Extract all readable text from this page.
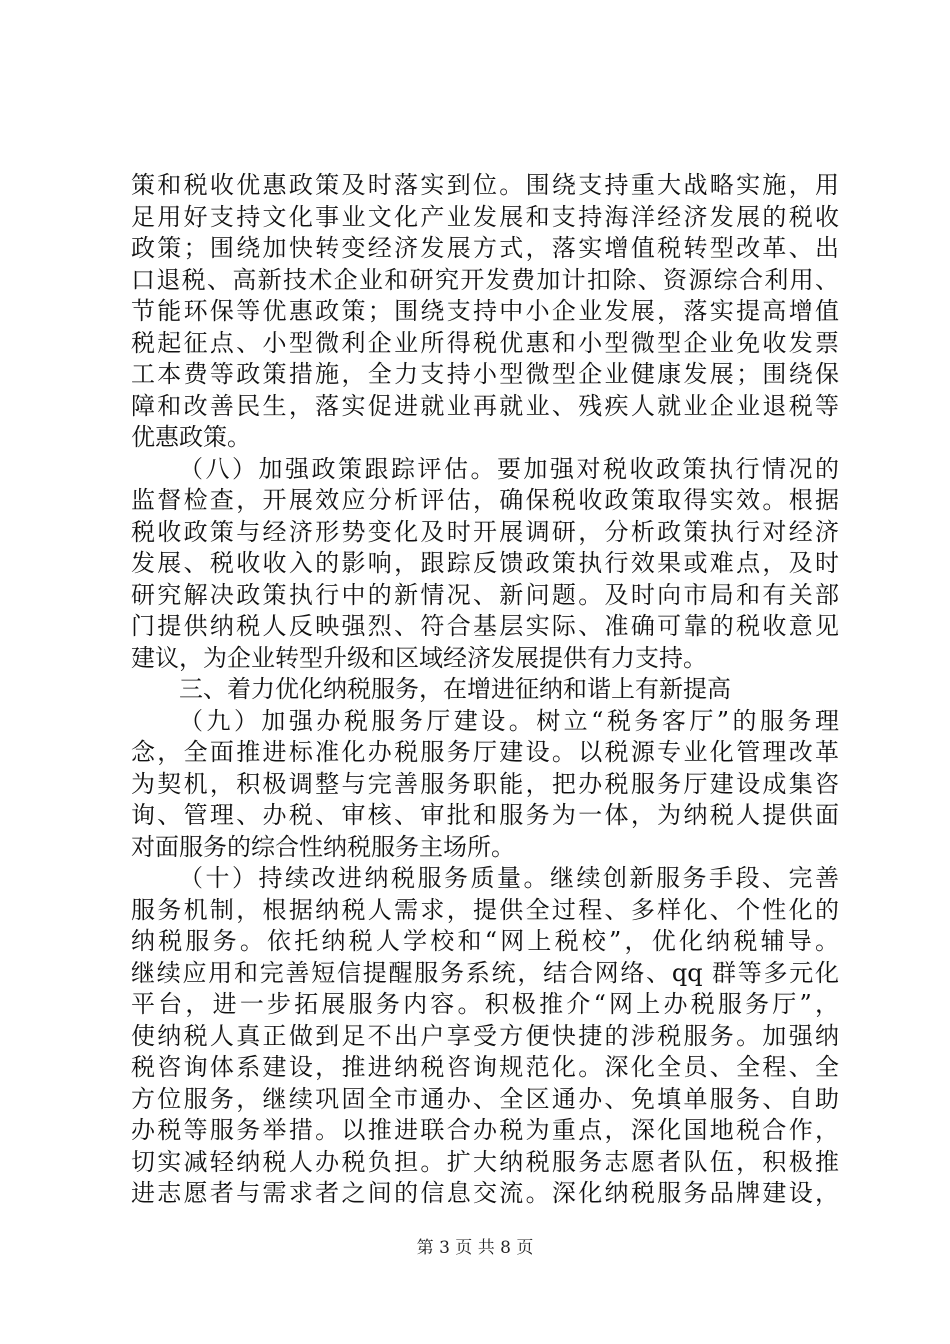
策和税收优惠政策及时落实到位。围绕支持重大战略实施，用
足用好支持文化事业文化产业发展和支持海洋经济发展的税收
政策；围绕加快转变经济发展方式，落实增值税转型改革、出
口退税、高新技术企业和研究开发费加计扣除、资源综合利用、
节能环保等优惠政策；围绕支持中小企业发展，落实提高增值
税起征点、小型微利企业所得税优惠和小型微型企业免收发票
工本费等政策措施，全力支持小型微型企业健康发展；围绕保
障和改善民生，落实促进就业再就业、残疾人就业企业退税等
优惠政策。
（八）加强政策跟踪评估。要加强对税收政策执行情况的
监督检查，开展效应分析评估，确保税收政策取得实效。根据
税收政策与经济形势变化及时开展调研，分析政策执行对经济
发展、税收收入的影响，跟踪反馈政策执行效果或难点，及时
研究解决政策执行中的新情况、新问题。及时向市局和有关部
门提供纳税人反映强烈、符合基层实际、准确可靠的税收意见
建议，为企业转型升级和区域经济发展提供有力支持。
三、着力优化纳税服务，在增进征纳和谐上有新提高
（九）加强办税服务厅建设。树立“税务客厅”的服务理
念，全面推进标准化办税服务厅建设。以税源专业化管理改革
为契机，积极调整与完善服务职能，把办税服务厅建设成集咨
询、管理、办税、审核、审批和服务为一体，为纳税人提供面
对面服务的综合性纳税服务主场所。
（十）持续改进纳税服务质量。继续创新服务手段、完善
服务机制，根据纳税人需求，提供全过程、多样化、个性化的
纳税服务。依托纳税人学校和“网上税校”，优化纳税辅导。
继续应用和完善短信提醒服务系统，结合网络、qq 群等多元化
平台，进一步拓展服务内容。积极推介“网上办税服务厅”，
使纳税人真正做到足不出户享受方便快捷的涉税服务。加强纳
税咨询体系建设，推进纳税咨询规范化。深化全员、全程、全
方位服务，继续巩固全市通办、全区通办、免填单服务、自助
办税等服务举措。以推进联合办税为重点，深化国地税合作，
切实减轻纳税人办税负担。扩大纳税服务志愿者队伍，积极推
进志愿者与需求者之间的信息交流。深化纳税服务品牌建设，
第 3 页 共 8 页
